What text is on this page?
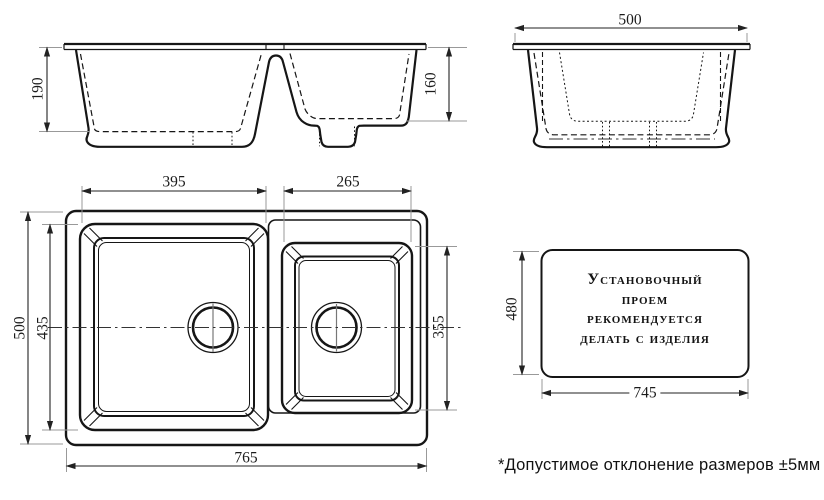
190	160
500
395	265
500 435	355
765
480
745
Установочный
проем
рекомендуется
делать с изделия
*Допустимое отклонение размеров ±5мм
